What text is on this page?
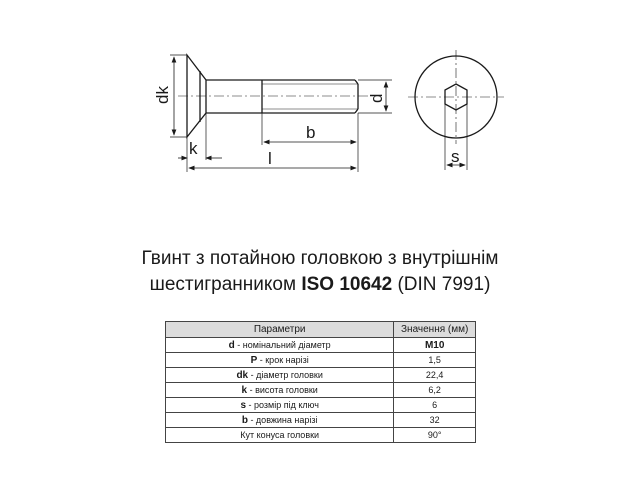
dk	d
k
b
l	s
Гвинт з потайною головкою з внутрішнім
шестигранником ISO 10642 (DIN 7991)
Параметри	Значення (мм)
d - номінальний діаметр	М10
P - крок нарізі	1,5
dk - діаметр головки	22,4
k - висота головки	6,2
s - розмір під ключ	6
b - довжина нарізі	32
Кут конуса головки	90°
